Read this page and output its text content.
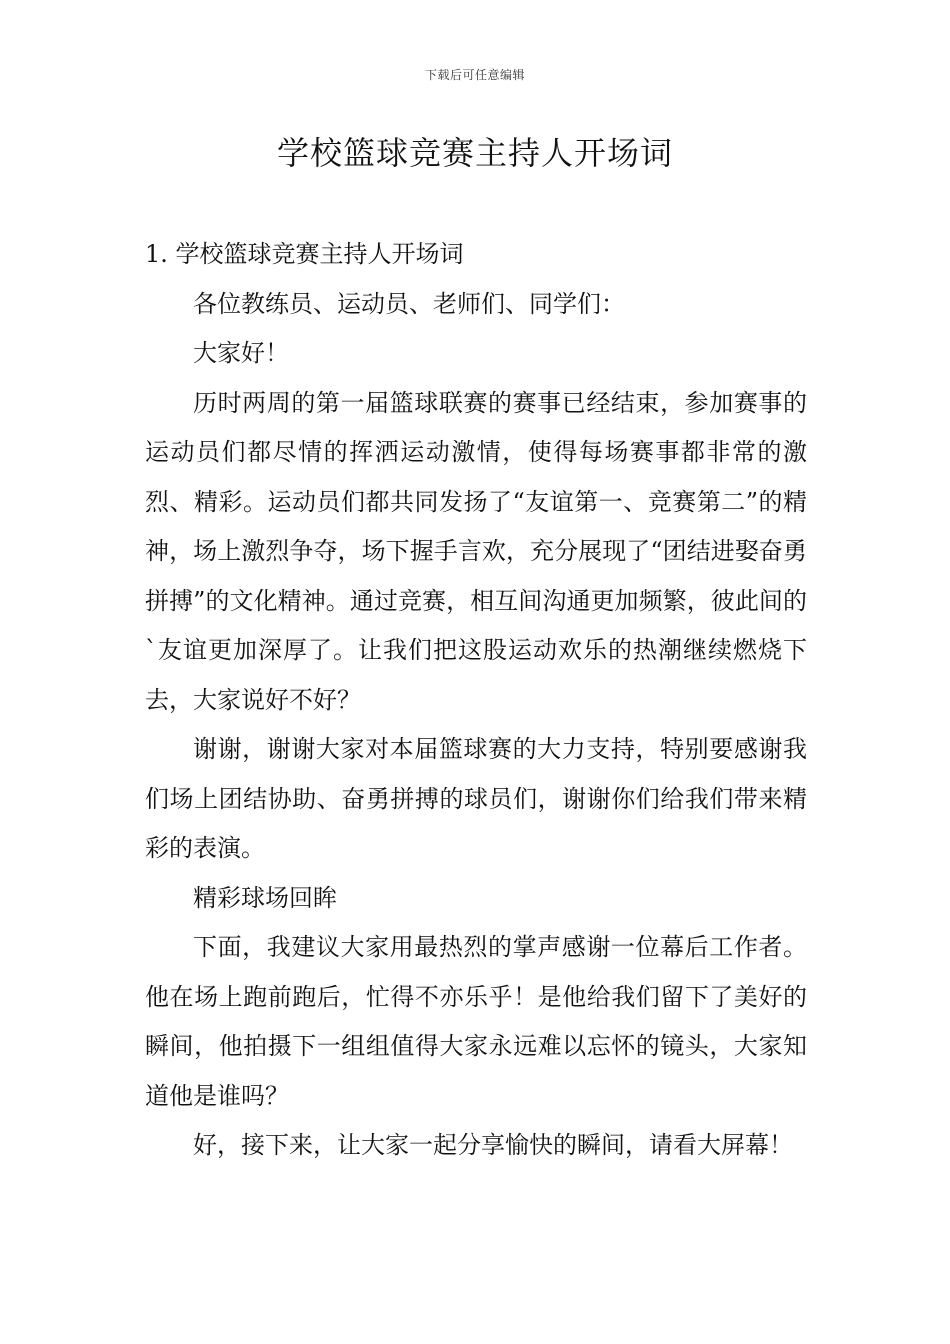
下载后可任意编辑
学校篮球竞赛主持人开场词

1. 学校篮球竞赛主持人开场词

各位教练员、运动员、老师们、同学们：

大家好！

历时两周的第一届篮球联赛的赛事已经结束，参加赛事的运动员们都尽情的挥洒运动激情，使得每场赛事都非常的激烈、精彩。运动员们都共同发扬了“友谊第一、竞赛第二”的精神，场上激烈争夺，场下握手言欢，充分展现了“团结进娶奋勇拼搏”的文化精神。通过竞赛，相互间沟通更加频繁，彼此间的`友谊更加深厚了。让我们把这股运动欢乐的热潮继续燃烧下去，大家说好不好？

谢谢，谢谢大家对本届篮球赛的大力支持，特别要感谢我们场上团结协助、奋勇拼搏的球员们，谢谢你们给我们带来精彩的表演。

精彩球场回眸

下面，我建议大家用最热烈的掌声感谢一位幕后工作者。他在场上跑前跑后，忙得不亦乐乎！是他给我们留下了美好的瞬间，他拍摄下一组组值得大家永远难以忘怀的镜头，大家知道他是谁吗？

好，接下来，让大家一起分享愉快的瞬间，请看大屏幕！
